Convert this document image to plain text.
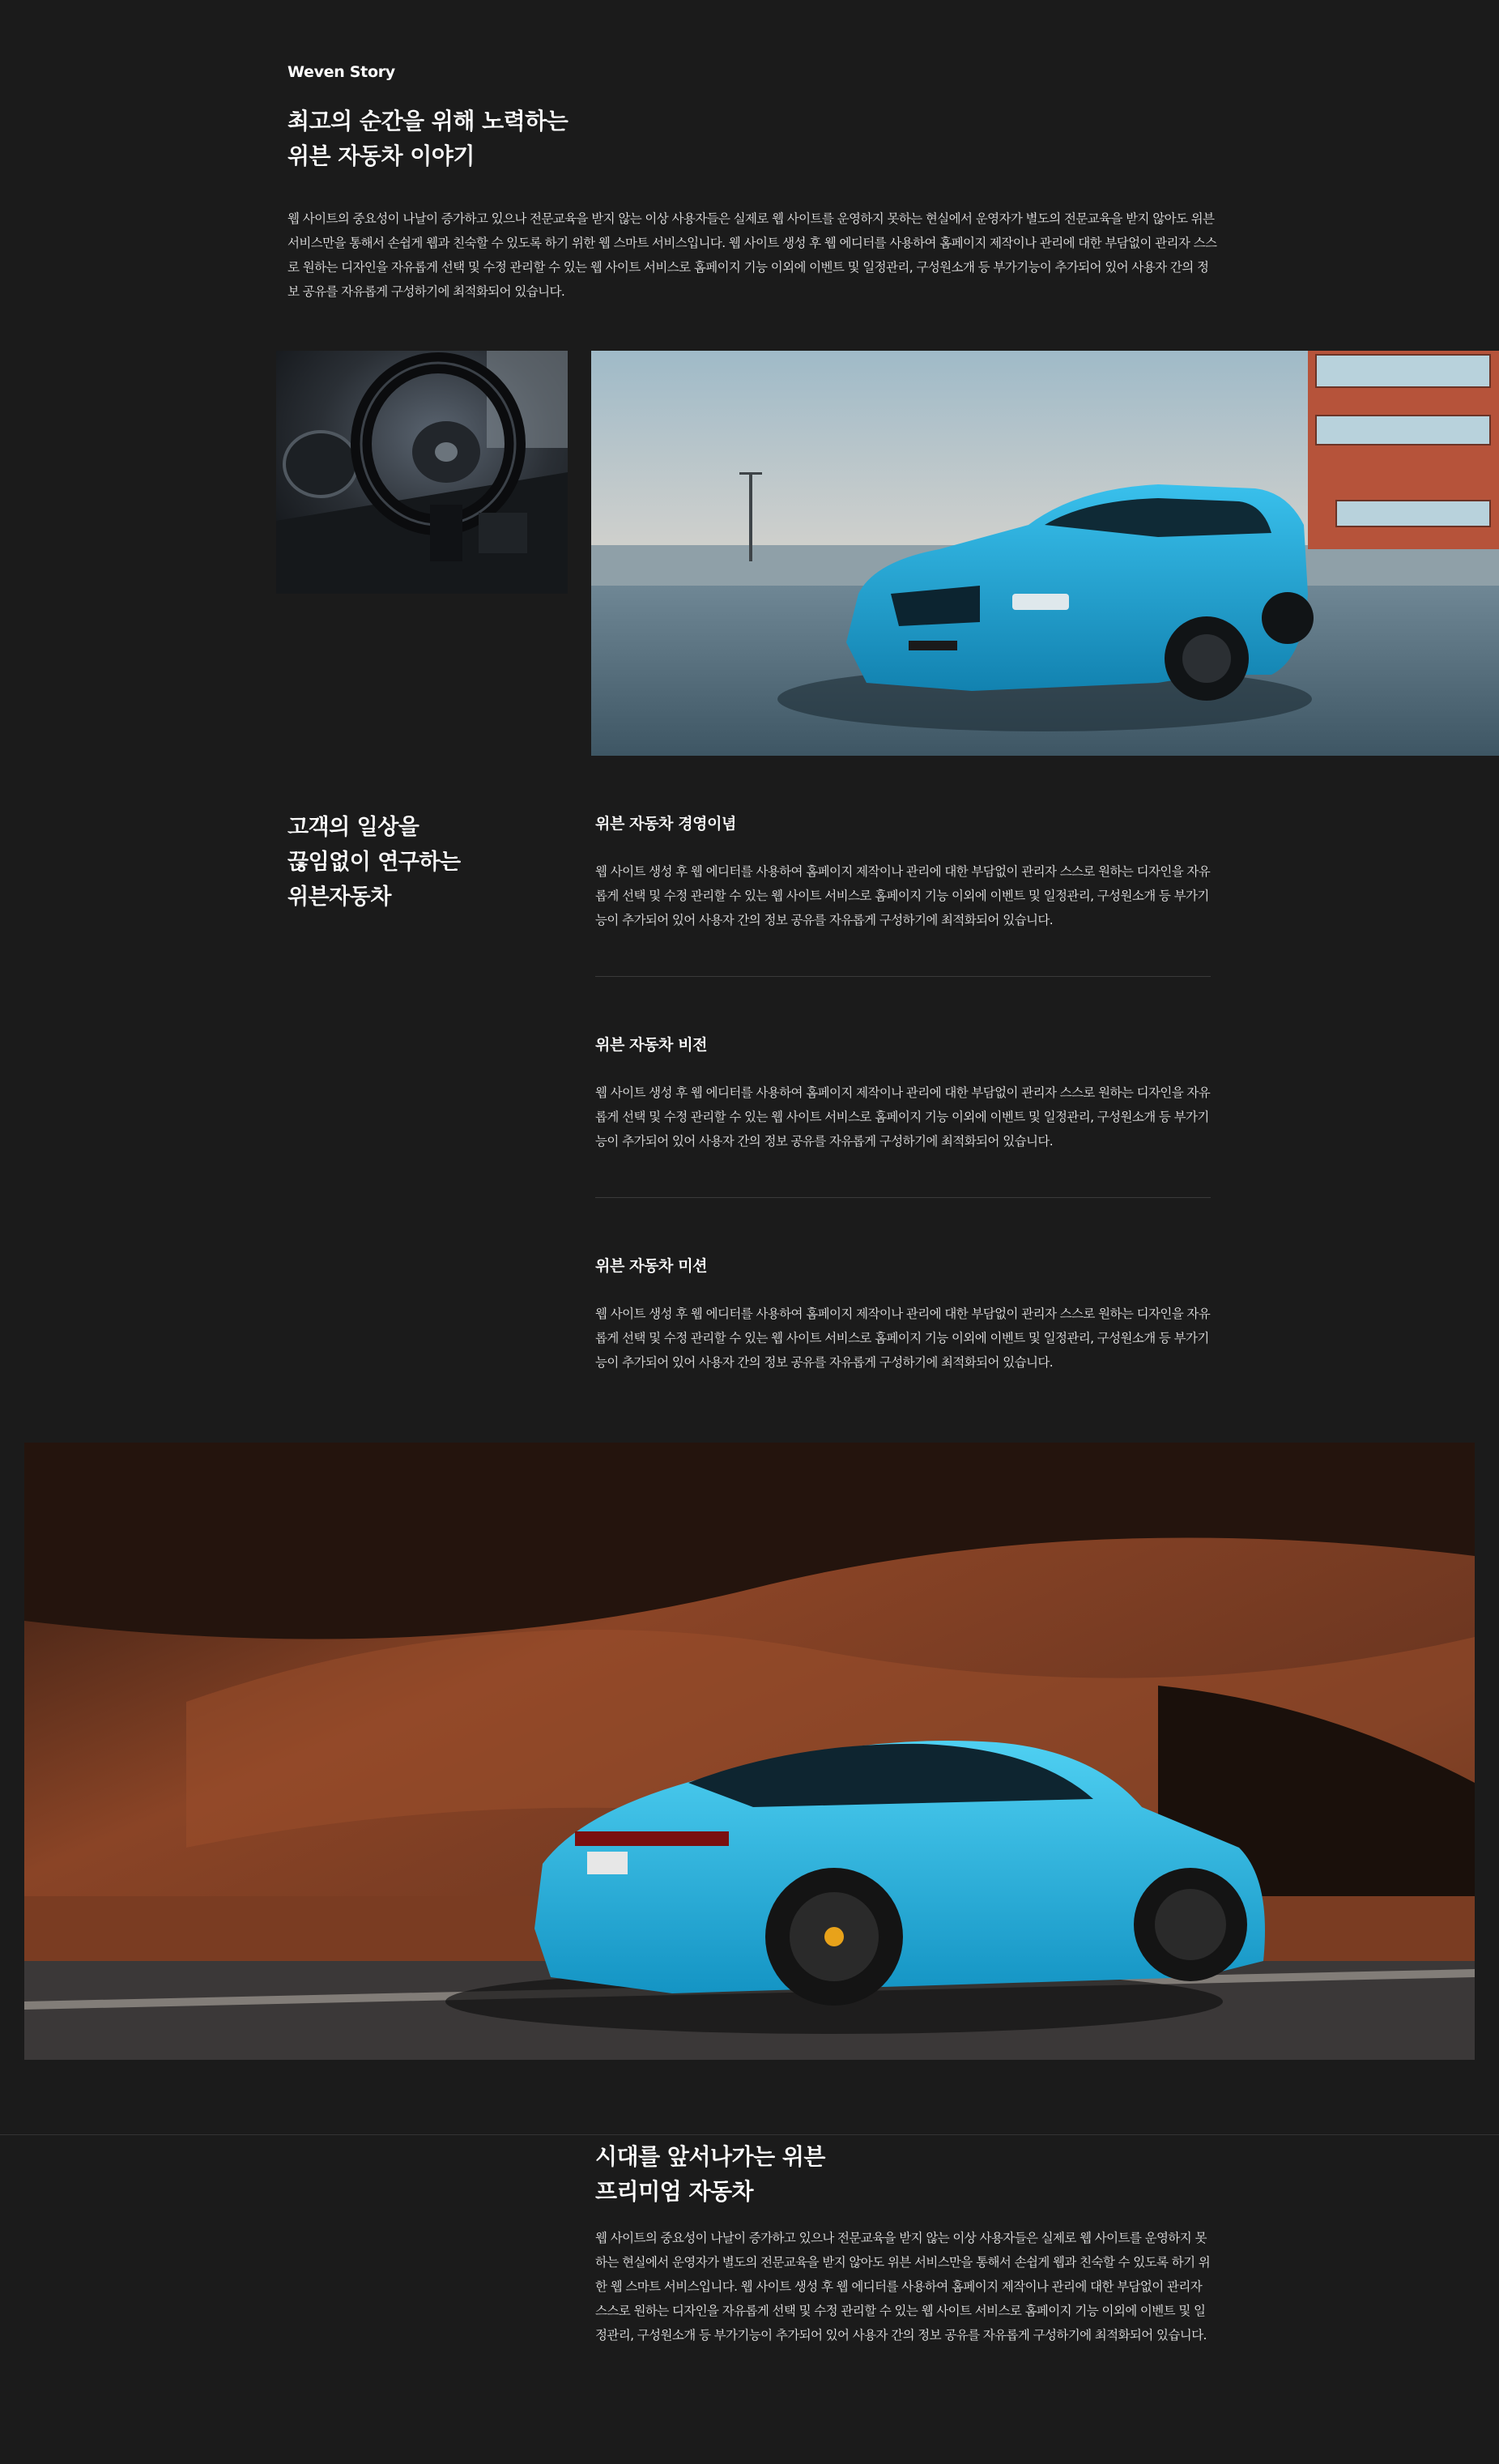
Weven Story
최고의 순간을 위해 노력하는
위븐 자동차 이야기

웹 사이트의 중요성이 나날이 증가하고 있으나 전문교육을 받지 않는 이상 사용자들은 실제로 웹 사이트를 운영하지 못하는 현실에서 운영자가 별도의 전문교육을 받지 않아도 위븐 서비스만을 통해서 손쉽게 웹과 친숙할 수 있도록 하기 위한 웹 스마트 서비스입니다. 웹 사이트 생성 후 웹 에디터를 사용하여 홈페이지 제작이나 관리에 대한 부담없이 관리자 스스로 원하는 디자인을 자유롭게 선택 및 수정 관리할 수 있는 웹 사이트 서비스로 홈페이지 기능 이외에 이벤트 및 일정관리, 구성원소개 등 부가기능이 추가되어 있어 사용자 간의 정보 공유를 자유롭게 구성하기에 최적화되어 있습니다.

고객의 일상을
끊임없이 연구하는
위븐자동차
위븐 자동차 경영이념

웹 사이트 생성 후 웹 에디터를 사용하여 홈페이지 제작이나 관리에 대한 부담없이 관리자 스스로 원하는 디자인을 자유롭게 선택 및 수정 관리할 수 있는 웹 사이트 서비스로 홈페이지 기능 이외에 이벤트 및 일정관리, 구성원소개 등 부가기능이 추가되어 있어 사용자 간의 정보 공유를 자유롭게 구성하기에 최적화되어 있습니다.

위븐 자동차 비전

웹 사이트 생성 후 웹 에디터를 사용하여 홈페이지 제작이나 관리에 대한 부담없이 관리자 스스로 원하는 디자인을 자유롭게 선택 및 수정 관리할 수 있는 웹 사이트 서비스로 홈페이지 기능 이외에 이벤트 및 일정관리, 구성원소개 등 부가기능이 추가되어 있어 사용자 간의 정보 공유를 자유롭게 구성하기에 최적화되어 있습니다.

위븐 자동차 미션

웹 사이트 생성 후 웹 에디터를 사용하여 홈페이지 제작이나 관리에 대한 부담없이 관리자 스스로 원하는 디자인을 자유롭게 선택 및 수정 관리할 수 있는 웹 사이트 서비스로 홈페이지 기능 이외에 이벤트 및 일정관리, 구성원소개 등 부가기능이 추가되어 있어 사용자 간의 정보 공유를 자유롭게 구성하기에 최적화되어 있습니다.

시대를 앞서나가는 위븐
프리미엄 자동차

웹 사이트의 중요성이 나날이 증가하고 있으나 전문교육을 받지 않는 이상 사용자들은 실제로 웹 사이트를 운영하지 못하는 현실에서 운영자가 별도의 전문교육을 받지 않아도 위븐 서비스만을 통해서 손쉽게 웹과 친숙할 수 있도록 하기 위한 웹 스마트 서비스입니다. 웹 사이트 생성 후 웹 에디터를 사용하여 홈페이지 제작이나 관리에 대한 부담없이 관리자 스스로 원하는 디자인을 자유롭게 선택 및 수정 관리할 수 있는 웹 사이트 서비스로 홈페이지 기능 이외에 이벤트 및 일정관리, 구성원소개 등 부가기능이 추가되어 있어 사용자 간의 정보 공유를 자유롭게 구성하기에 최적화되어 있습니다.
